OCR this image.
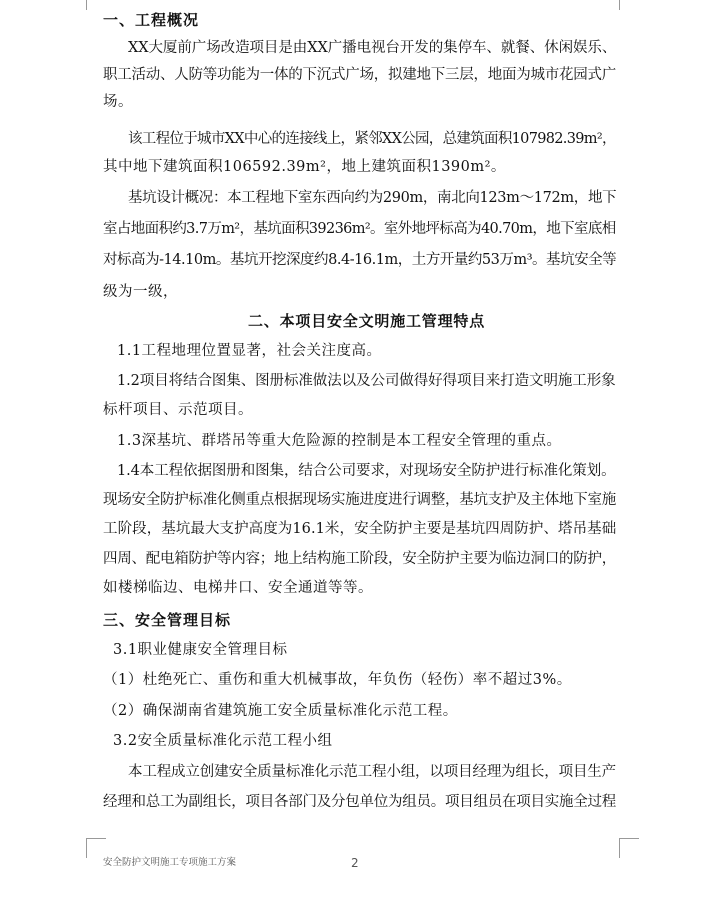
一、工程概况
XX大厦前广场改造项目是由XX广播电视台开发的集停车、就餐、休闲娱乐、
职工活动、人防等功能为一体的下沉式广场，拟建地下三层，地面为城市花园式广
场。
该工程位于城市XX中心的连接线上，紧邻XX公园，总建筑面积107982.39m²，
其中地下建筑面积106592.39m²，地上建筑面积1390m²。
基坑设计概况：本工程地下室东西向约为290m，南北向123m～172m，地下
室占地面积约3.7万m²，基坑面积39236m²。室外地坪标高为40.70m，地下室底相
对标高为-14.10m。基坑开挖深度约8.4-16.1m，土方开量约53万m³。基坑安全等
级为一级，
二、本项目安全文明施工管理特点
1.1工程地理位置显著，社会关注度高。
1.2项目将结合图集、图册标准做法以及公司做得好得项目来打造文明施工形象
标杆项目、示范项目。
1.3深基坑、群塔吊等重大危险源的控制是本工程安全管理的重点。
1.4本工程依据图册和图集，结合公司要求，对现场安全防护进行标准化策划。
现场安全防护标准化侧重点根据现场实施进度进行调整，基坑支护及主体地下室施
工阶段，基坑最大支护高度为16.1米，安全防护主要是基坑四周防护、塔吊基础
四周、配电箱防护等内容；地上结构施工阶段，安全防护主要为临边洞口的防护，
如楼梯临边、电梯井口、安全通道等等。
三、安全管理目标
3.1职业健康安全管理目标
（1）杜绝死亡、重伤和重大机械事故，年负伤（轻伤）率不超过3%。
（2）确保湖南省建筑施工安全质量标准化示范工程。
3.2安全质量标准化示范工程小组
本工程成立创建安全质量标准化示范工程小组，以项目经理为组长，项目生产
经理和总工为副组长，项目各部门及分包单位为组员。项目组员在项目实施全过程
安全防护文明施工专项施工方案	2
